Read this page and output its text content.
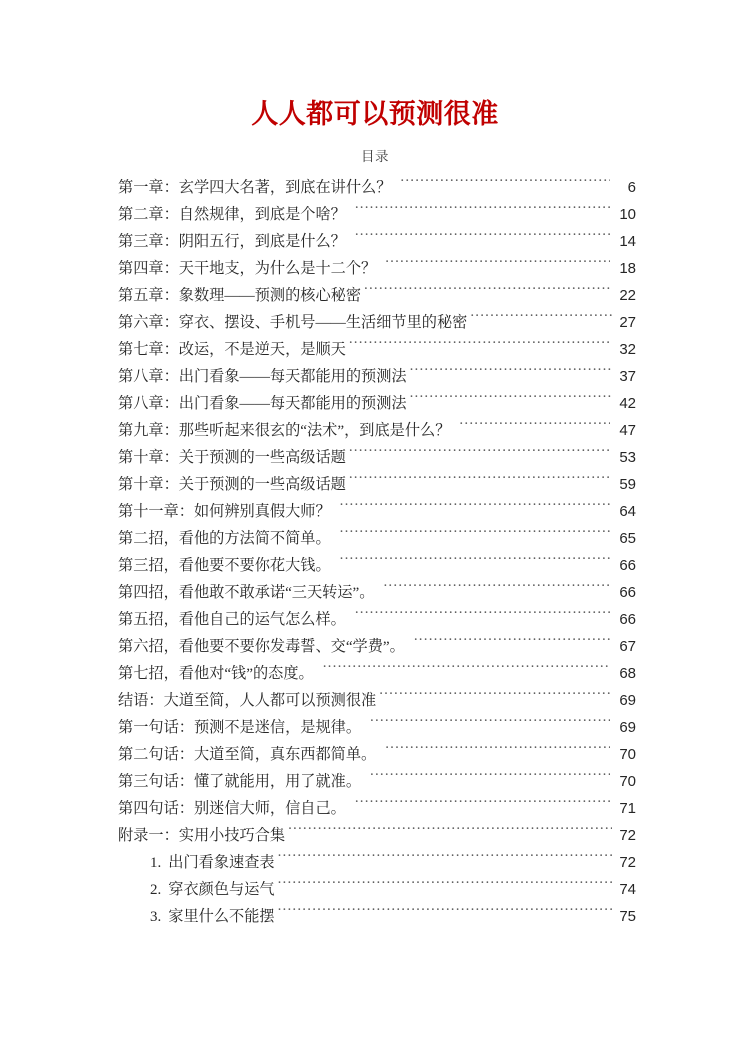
人人都可以预测很准
目录
第一章：玄学四大名著，到底在讲什么？ .....	6
第二章：自然规律，到底是个啥？ .....	10
第三章：阴阳五行，到底是什么？ .....	14
第四章：天干地支，为什么是十二个？ .....	18
第五章：象数理——预测的核心秘密 .....	22
第六章：穿衣、摆设、手机号——生活细节里的秘密 .....	27
第七章：改运，不是逆天，是顺天 .....	32
第八章：出门看象——每天都能用的预测法 .....	37
第八章：出门看象——每天都能用的预测法 .....	42
第九章：那些听起来很玄的“法术”，到底是什么？ .....	47
第十章：关于预测的一些高级话题 .....	53
第十章：关于预测的一些高级话题 .....	59
第十一章：如何辨别真假大师？ .....	64
第二招，看他的方法简不简单。 .....	65
第三招，看他要不要你花大钱。 .....	66
第四招，看他敢不敢承诺“三天转运”。 .....	66
第五招，看他自己的运气怎么样。 .....	66
第六招，看他要不要你发毒誓、交“学费”。 .....	67
第七招，看他对“钱”的态度。 .....	68
结语：大道至简，人人都可以预测很准 .....	69
第一句话：预测不是迷信，是规律。 .....	69
第二句话：大道至简，真东西都简单。 .....	70
第三句话：懂了就能用，用了就准。 .....	70
第四句话：别迷信大师，信自己。 .....	71
附录一：实用小技巧合集 .....	72
1. 出门看象速查表 .....	72
2. 穿衣颜色与运气 .....	74
3. 家里什么不能摆 .....	75
